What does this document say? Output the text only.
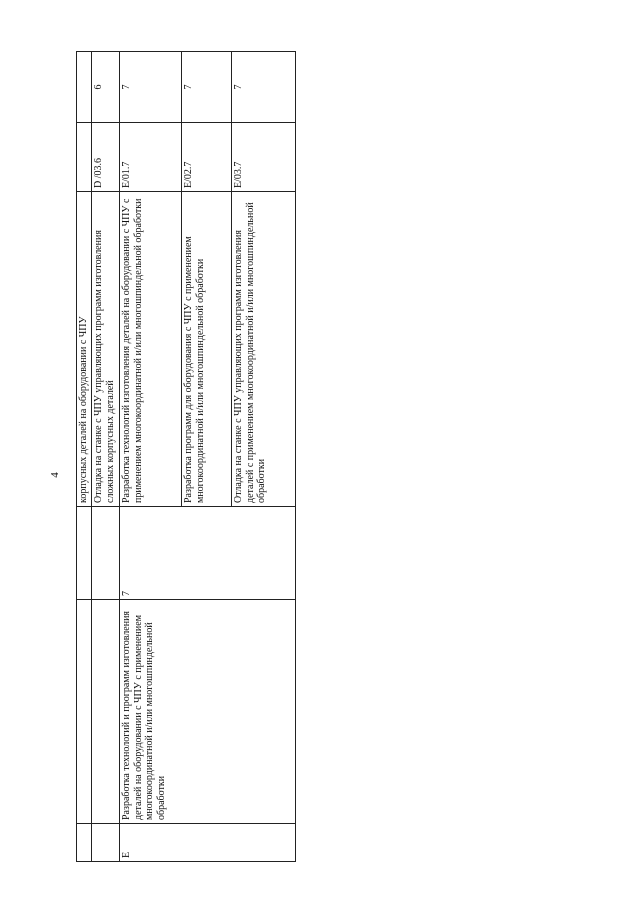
4
			корпусных деталей на оборудовании с ЧПУ		
			Отладка на станке с ЧПУ управляющих программ изготовления сложных корпусных деталей	D /03.6	6
E	Разработка технологий и программ изготовления деталей на оборудовании с ЧПУ с применением многокоординатной и/или многошпиндельной обработки	7	Разработка технологий изготовления деталей на оборудовании с ЧПУ с применением многокоординатной и/или многошпиндельной обработки	E/01.7	7
			Разработка программ для оборудования с ЧПУ с применением многокоординатной и/или многошпиндельной обработки	E/02.7	7
			Отладка на станке с ЧПУ управляющих программ изготовления деталей с применением многокоординатной и/или многошпиндельной обработки	E/03.7	7
